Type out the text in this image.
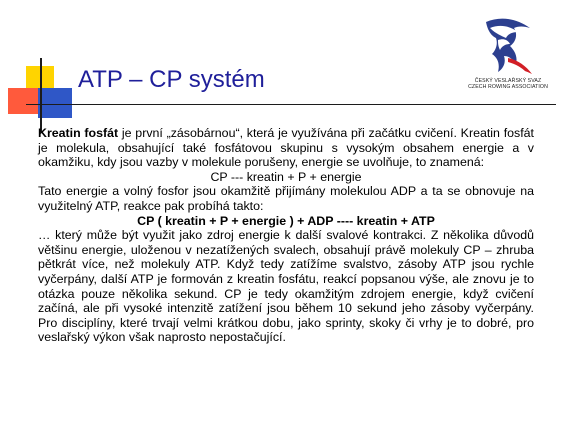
ATP – CP systém	ČESKÝ VESLAŘSKÝ SVAZ
CZECH ROWING ASSOCIATION

Kreatin fosfát je první „zásobárnou“, která je využívána při začátku cvičení. Kreatin fosfát je molekula, obsahující také fosfátovou skupinu s vysokým obsahem energie a v okamžiku, kdy jsou vazby v molekule porušeny, energie se uvolňuje, to znamená:

CP --- kreatin + P + energie

Tato energie a volný fosfor jsou okamžitě přijímány molekulou ADP a ta se obnovuje na využitelný ATP, reakce pak probíhá takto:

CP ( kreatin + P + energie ) + ADP ---- kreatin + ATP

… který může být využit jako zdroj energie k další svalové kontrakci. Z několika důvodů většinu energie, uloženou v nezatížených svalech, obsahují právě molekuly CP – zhruba pětkrát více, než molekuly ATP. Když tedy zatížíme svalstvo, zásoby ATP jsou rychle vyčerpány, další ATP je formován z kreatin fosfátu, reakcí popsanou výše, ale znovu je to otázka pouze několika sekund. CP je tedy okamžitým zdrojem energie, když cvičení začíná, ale při vysoké intenzitě zatížení jsou během 10 sekund jeho zásoby vyčerpány. Pro disciplíny, které trvají velmi krátkou dobu, jako sprinty, skoky či vrhy je to dobré, pro veslařský výkon však naprosto nepostačující.
